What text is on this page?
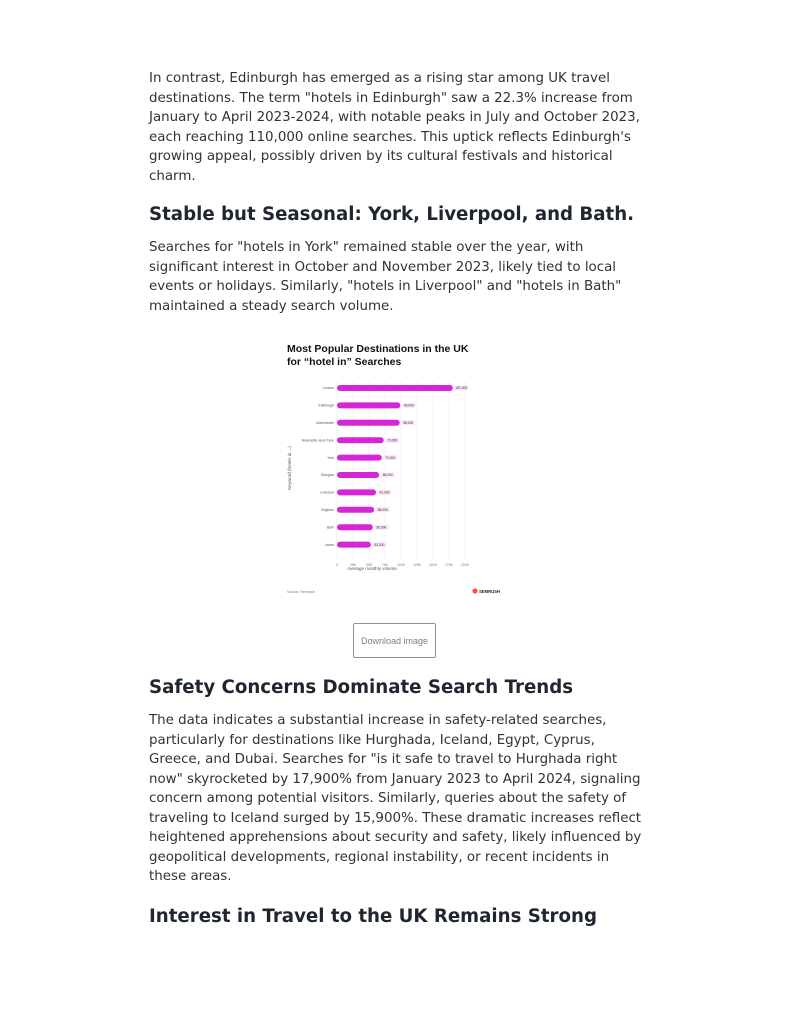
In contrast, Edinburgh has emerged as a rising star among UK travel destinations. The term "hotels in Edinburgh" saw a 22.3% increase from January to April 2023-2024, with notable peaks in July and October 2023, each reaching 110,000 online searches. This uptick reflects Edinburgh's growing appeal, possibly driven by its cultural festivals and historical charm.

Stable but Seasonal: York, Liverpool, and Bath.

Searches for "hotels in York" remained stable over the year, with significant interest in October and November 2023, likely tied to local events or holidays. Similarly, "hotels in Liverpool" and "hotels in Bath" maintained a steady search volume.

Most Popular Destinations in the UK
for “hotel in” Searches
London	181,000
Edinburgh	99,000
Manchester	98,000
Newcastle upon Tyne	73,000
York	70,000
Glasgow	66,000
Liverpool	61,000
Brighton	58,000
Bath	56,000
Leeds	53,000
0	25K	50K	75K	100K 125K 150K 175K 200K
Average monthly volume
Keyword (hotels in ...)
Source: Semrush	SEMRUSH
Download image
Safety Concerns Dominate Search Trends

The data indicates a substantial increase in safety-related searches, particularly for destinations like Hurghada, Iceland, Egypt, Cyprus, Greece, and Dubai. Searches for "is it safe to travel to Hurghada right now" skyrocketed by 17,900% from January 2023 to April 2024, signaling concern among potential visitors. Similarly, queries about the safety of traveling to Iceland surged by 15,900%. These dramatic increases reflect heightened apprehensions about security and safety, likely influenced by geopolitical developments, regional instability, or recent incidents in these areas.

Interest in Travel to the UK Remains Strong
